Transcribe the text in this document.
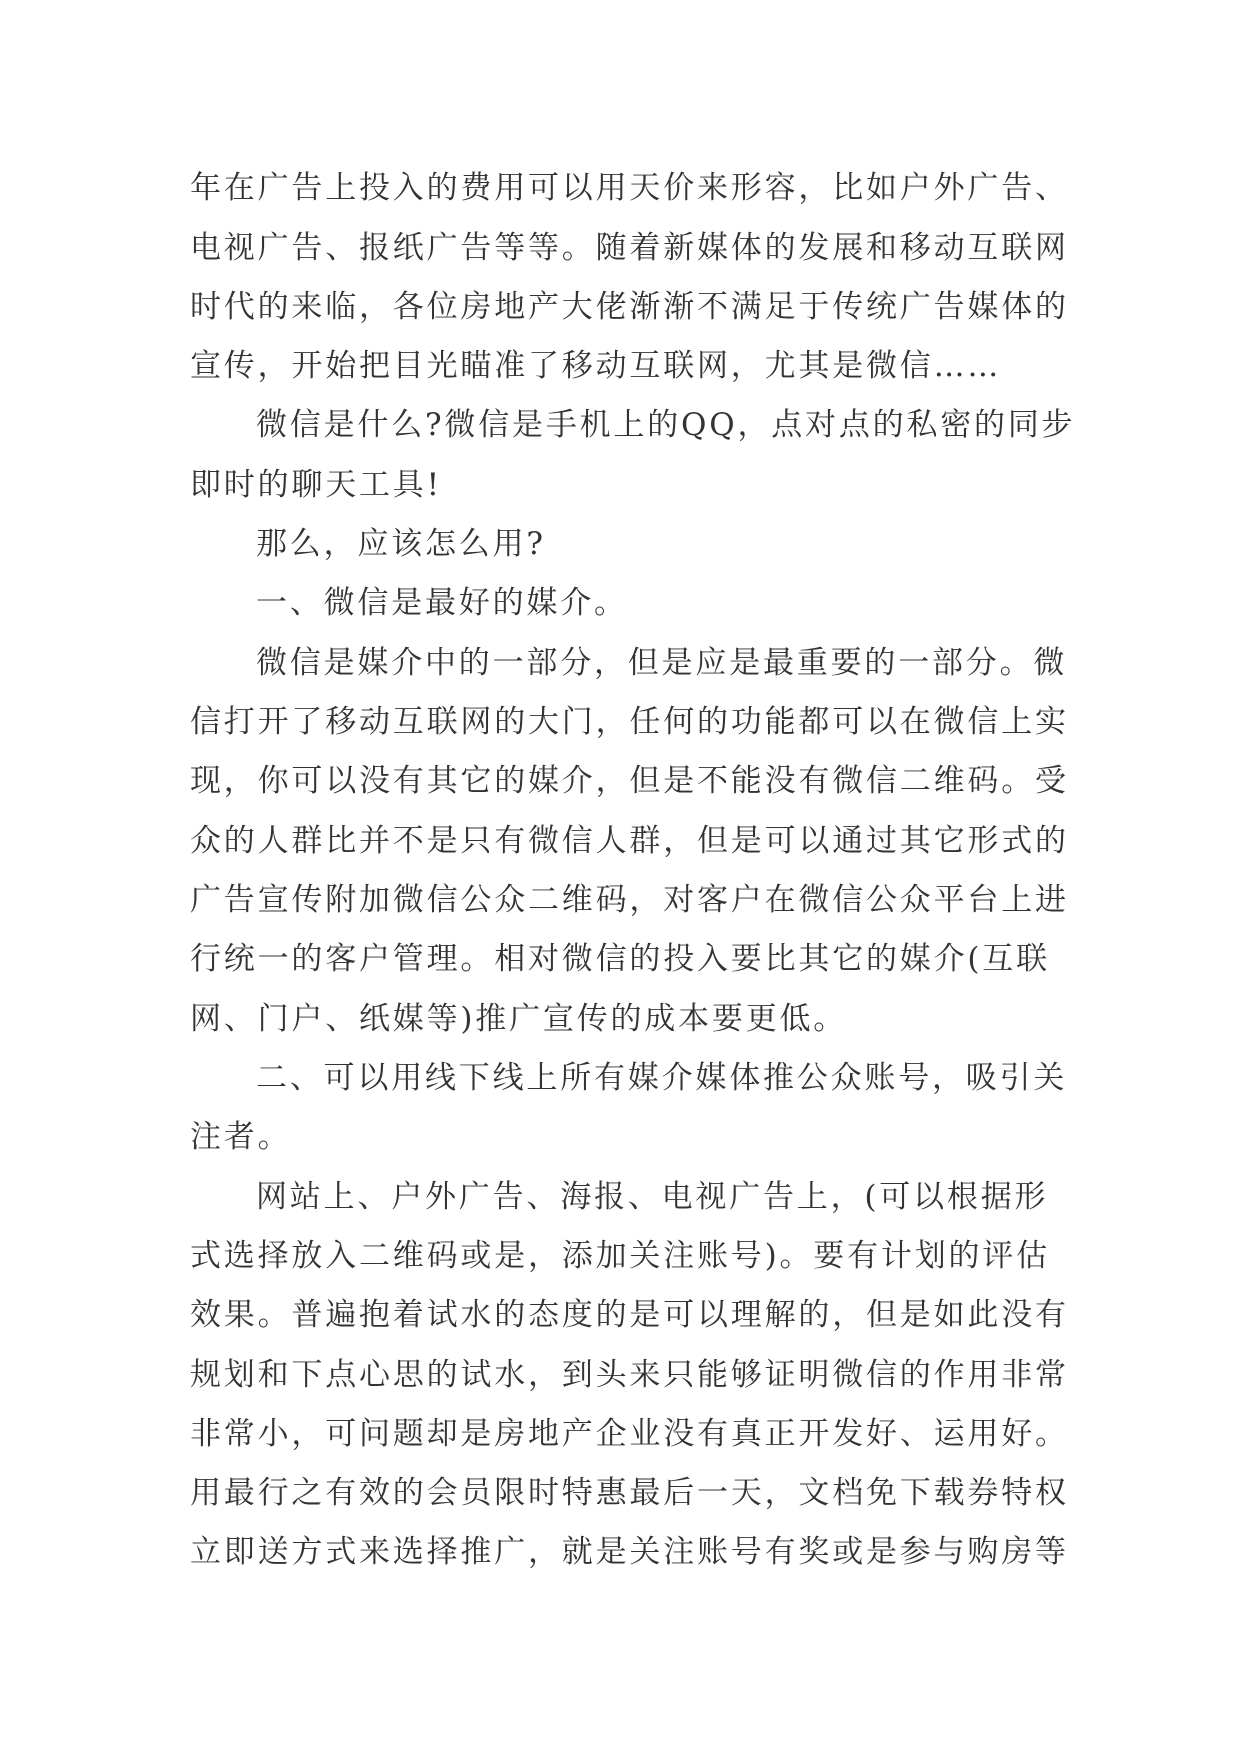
年在广告上投入的费用可以用天价来形容，比如户外广告、
电视广告、报纸广告等等。随着新媒体的发展和移动互联网
时代的来临，各位房地产大佬渐渐不满足于传统广告媒体的
宣传，开始把目光瞄准了移动互联网，尤其是微信……
微信是什么?微信是手机上的QQ，点对点的私密的同步
即时的聊天工具!
那么，应该怎么用?
一、微信是最好的媒介。
微信是媒介中的一部分，但是应是最重要的一部分。微
信打开了移动互联网的大门，任何的功能都可以在微信上实
现，你可以没有其它的媒介，但是不能没有微信二维码。受
众的人群比并不是只有微信人群，但是可以通过其它形式的
广告宣传附加微信公众二维码，对客户在微信公众平台上进
行统一的客户管理。相对微信的投入要比其它的媒介(互联
网、门户、纸媒等)推广宣传的成本要更低。
二、可以用线下线上所有媒介媒体推公众账号，吸引关
注者。
网站上、户外广告、海报、电视广告上，(可以根据形
式选择放入二维码或是，添加关注账号)。要有计划的评估
效果。普遍抱着试水的态度的是可以理解的，但是如此没有
规划和下点心思的试水，到头来只能够证明微信的作用非常
非常小，可问题却是房地产企业没有真正开发好、运用好。
用最行之有效的会员限时特惠最后一天，文档免下载券特权
立即送方式来选择推广，就是关注账号有奖或是参与购房等
